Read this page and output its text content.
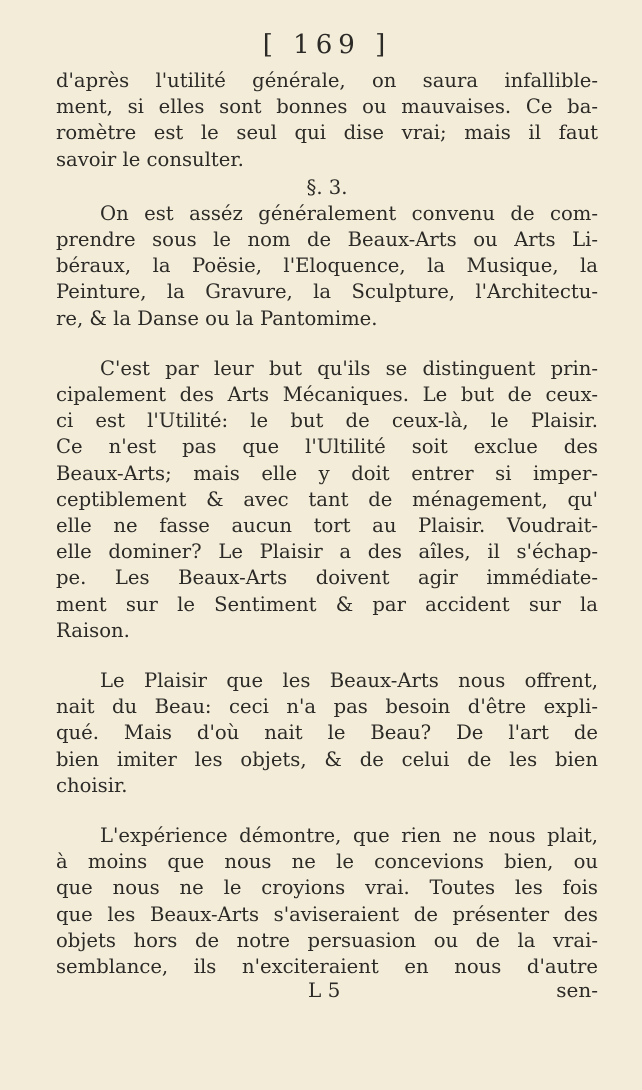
[ 169 ]

d'après l'utilité générale, on saura infallible-
ment, si elles sont bonnes ou mauvaises. Ce ba-
romètre est le seul qui dise vrai; mais il faut
savoir le consulter.

§. 3.

On est asséz généralement convenu de com-
prendre sous le nom de Beaux-Arts ou Arts Li-
béraux, la Poësie, l'Eloquence, la Musique, la
Peinture, la Gravure, la Sculpture, l'Architectu-
re, & la Danse ou la Pantomime.

C'est par leur but qu'ils se distinguent prin-
cipalement des Arts Mécaniques. Le but de ceux-
ci est l'Utilité: le but de ceux-là, le Plaisir.
Ce n'est pas que l'Ultilité soit exclue des
Beaux-Arts; mais elle y doit entrer si imper-
ceptiblement & avec tant de ménagement, qu'
elle ne fasse aucun tort au Plaisir. Voudrait-
elle dominer? Le Plaisir a des aîles, il s'échap-
pe. Les Beaux-Arts doivent agir immédiate-
ment sur le Sentiment & par accident sur la
Raison.

Le Plaisir que les Beaux-Arts nous offrent,
nait du Beau: ceci n'a pas besoin d'être expli-
qué. Mais d'où nait le Beau? De l'art de
bien imiter les objets, & de celui de les bien
choisir.

L'expérience démontre, que rien ne nous plait,
à moins que nous ne le concevions bien, ou
que nous ne le croyions vrai. Toutes les fois
que les Beaux-Arts s'aviseraient de présenter des
objets hors de notre persuasion ou de la vrai-
semblance, ils n'exciteraient en nous d'autre

L 5	sen-
